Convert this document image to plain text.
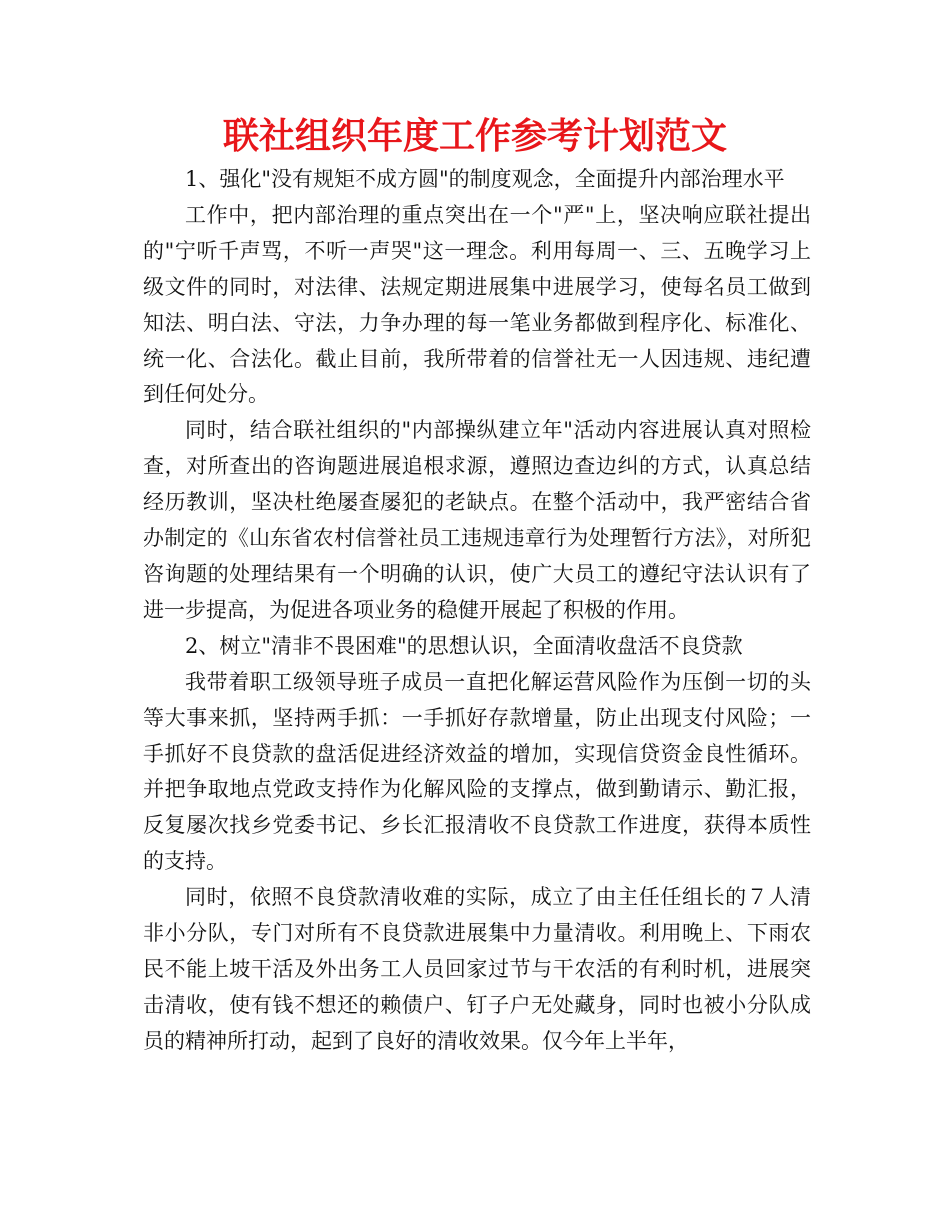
联社组织年度工作参考计划范文

1、强化"没有规矩不成方圆"的制度观念，全面提升内部治理水平

工作中，把内部治理的重点突出在一个"严"上，坚决响应联社提出的"宁听千声骂，不听一声哭"这一理念。利用每周一、三、五晚学习上级文件的同时，对法律、法规定期进展集中进展学习，使每名员工做到知法、明白法、守法，力争办理的每一笔业务都做到程序化、标准化、统一化、合法化。截止目前，我所带着的信誉社无一人因违规、违纪遭到任何处分。

同时，结合联社组织的"内部操纵建立年"活动内容进展认真对照检查，对所查出的咨询题进展追根求源，遵照边查边纠的方式，认真总结经历教训，坚决杜绝屡查屡犯的老缺点。在整个活动中，我严密结合省办制定的《山东省农村信誉社员工违规违章行为处理暂行方法》，对所犯咨询题的处理结果有一个明确的认识，使广大员工的遵纪守法认识有了进一步提高，为促进各项业务的稳健开展起了积极的作用。

2、树立"清非不畏困难"的思想认识，全面清收盘活不良贷款

我带着职工级领导班子成员一直把化解运营风险作为压倒一切的头等大事来抓，坚持两手抓：一手抓好存款增量，防止出现支付风险；一手抓好不良贷款的盘活促进经济效益的增加，实现信贷资金良性循环。并把争取地点党政支持作为化解风险的支撑点，做到勤请示、勤汇报，反复屡次找乡党委书记、乡长汇报清收不良贷款工作进度，获得本质性的支持。

同时，依照不良贷款清收难的实际，成立了由主任任组长的７人清非小分队，专门对所有不良贷款进展集中力量清收。利用晚上、下雨农民不能上坡干活及外出务工人员回家过节与干农活的有利时机，进展突击清收，使有钱不想还的赖债户、钉子户无处藏身，同时也被小分队成员的精神所打动，起到了良好的清收效果。仅今年上半年，
